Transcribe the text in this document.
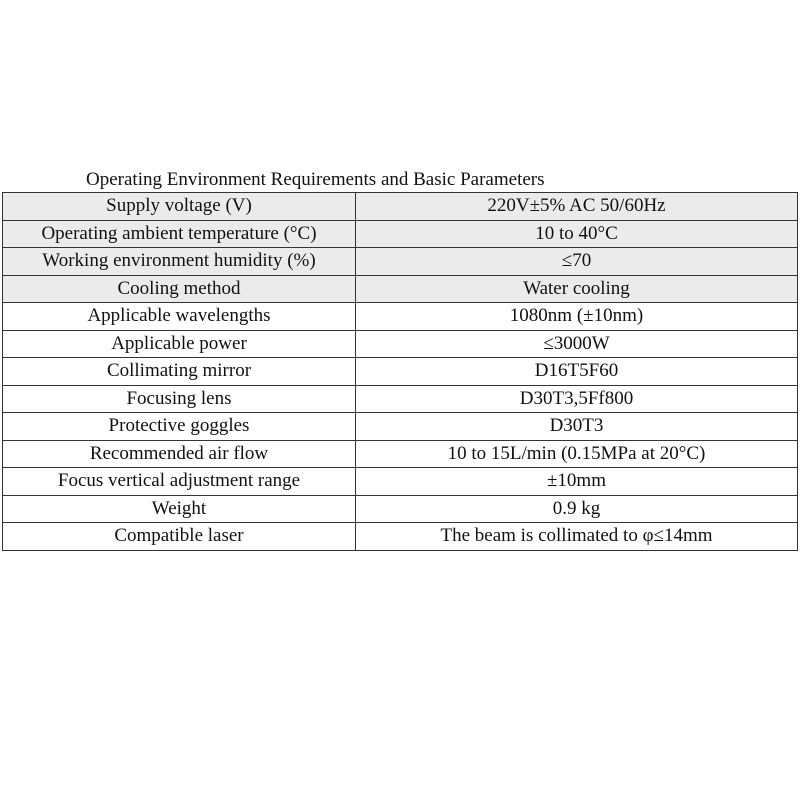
Operating Environment Requirements and Basic Parameters
Supply voltage (V)	220V±5% AC 50/60Hz
Operating ambient temperature (°C)	10 to 40°C
Working environment humidity (%)	≤70
Cooling method	Water cooling
Applicable wavelengths	1080nm (±10nm)
Applicable power	≤3000W
Collimating mirror	D16T5F60
Focusing lens	D30T3,5Ff800
Protective goggles	D30T3
Recommended air flow	10 to 15L/min (0.15MPa at 20°C)
Focus vertical adjustment range	±10mm
Weight	0.9 kg
Compatible laser	The beam is collimated to φ≤14mm
